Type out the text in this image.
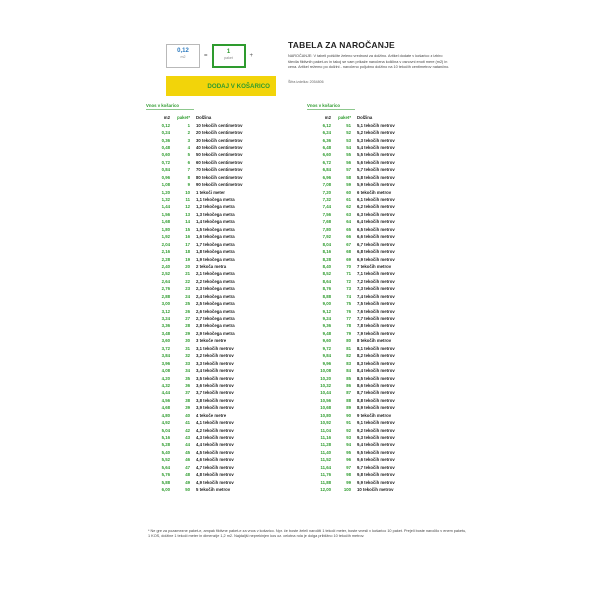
0,12
m2	=
1
paket	+
DODAJ V KOŠARICO
TABELA ZA NAROČANJE

NAROČANJE: V tabeli poiščite želeno vrednost za dolžino. Artikel dodate v košarico z izbiro števila fiktivnih paket-ov in takoj se vam prikaže naročena količina v osnovni enoti mere (m2) in cena. Artikel režemo po dolžini - naročeno poljubno dolžino na 10 tekočih centimetrov natančno.

Šifra izdelka: 2054806
Vnos v košarico
m2	paket*	Dolžina
0,12	1	10 tekočih centimetrov
0,24	2	20 tekočih centimetrov
0,36	3	30 tekočih centimetrov
0,48	4	40 tekočih centimetrov
0,60	5	50 tekočih centimetrov
0,72	6	60 tekočih centimetrov
0,84	7	70 tekočih centimetrov
0,96	8	80 tekočih centimetrov
1,08	9	90 tekočih centimetrov
1,20	10	1 tekoči meter
1,32	11	1,1 tekočega metra
1,44	12	1,2 tekočega metra
1,56	13	1,3 tekočega metra
1,68	14	1,4 tekočega metra
1,80	15	1,5 tekočega metra
1,92	16	1,6 tekočega metra
2,04	17	1,7 tekočega metra
2,16	18	1,8 tekočega metra
2,28	19	1,9 tekočega metra
2,40	20	2 tekoča metra
2,52	21	2,1 tekočega metra
2,64	22	2,2 tekočega metra
2,76	23	2,3 tekočega metra
2,88	24	2,4 tekočega metra
3,00	25	2,5 tekočega metra
3,12	26	2,6 tekočega metra
3,24	27	2,7 tekočega metra
3,36	28	2,8 tekočega metra
3,48	29	2,9 tekočega metra
3,60	30	3 tekoče metre
3,72	31	3,1 tekočih metrov
3,84	32	3,2 tekočih metrov
3,96	33	3,3 tekočih metrov
4,08	34	3,4 tekočih metrov
4,20	35	3,5 tekočih metrov
4,32	36	3,6 tekočih metrov
4,44	37	3,7 tekočih metrov
4,56	38	3,8 tekočih metrov
4,68	39	3,9 tekočih metrov
4,80	40	4 tekoče metre
4,92	41	4,1 tekočih metrov
5,04	42	4,2 tekočih metrov
5,16	43	4,3 tekočih metrov
5,28	44	4,4 tekočih metrov
5,40	45	4,5 tekočih metrov
5,52	46	4,6 tekočih metrov
5,64	47	4,7 tekočih metrov
5,76	48	4,8 tekočih metrov
5,88	49	4,9 tekočih metrov
6,00	50	5 tekočih metrov
Vnos v košarico
m2	paket*	Dolžina
6,12	51	5,1 tekočih metrov
6,24	52	5,2 tekočih metrov
6,36	53	5,3 tekočih metrov
6,48	54	5,4 tekočih metrov
6,60	55	5,5 tekočih metrov
6,72	56	5,6 tekočih metrov
6,84	57	5,7 tekočih metrov
6,96	58	5,8 tekočih metrov
7,08	59	5,9 tekočih metrov
7,20	60	6 tekočih metrov
7,32	61	6,1 tekočih metrov
7,44	62	6,2 tekočih metrov
7,56	63	6,3 tekočih metrov
7,68	64	6,4 tekočih metrov
7,80	65	6,5 tekočih metrov
7,92	66	6,6 tekočih metrov
8,04	67	6,7 tekočih metrov
8,16	68	6,8 tekočih metrov
8,28	69	6,9 tekočih metrov
8,40	70	7 tekočih metrov
8,52	71	7,1 tekočih metrov
8,64	72	7,2 tekočih metrov
8,76	73	7,3 tekočih metrov
8,88	74	7,4 tekočih metrov
9,00	75	7,5 tekočih metrov
9,12	76	7,6 tekočih metrov
9,24	77	7,7 tekočih metrov
9,36	78	7,8 tekočih metrov
9,48	79	7,9 tekočih metrov
9,60	80	8 tekočih metrov
9,72	81	8,1 tekočih metrov
9,84	82	8,2 tekočih metrov
9,96	83	8,3 tekočih metrov
10,08	84	8,4 tekočih metrov
10,20	85	8,5 tekočih metrov
10,32	86	8,6 tekočih metrov
10,44	87	8,7 tekočih metrov
10,56	88	8,8 tekočih metrov
10,68	89	8,9 tekočih metrov
10,80	90	9 tekočih metrov
10,92	91	9,1 tekočih metrov
11,04	92	9,2 tekočih metrov
11,16	93	9,3 tekočih metrov
11,28	94	9,4 tekočih metrov
11,40	95	9,5 tekočih metrov
11,52	96	9,6 tekočih metrov
11,64	97	9,7 tekočih metrov
11,76	98	9,8 tekočih metrov
11,88	99	9,9 tekočih metrov
12,00	100	10 tekočih metrov
* Ne gre za pozamezne paket-e, ampak fiktivne paket-e za vnos v košarico. Npr. če boste želeli naročiti 1 tekoči meter, boste vnesli v košarico 10 paket. Prejeli boste naročilo v enem paketu, 1 KOS, dolžine 1 tekoči meter in dimenzije 1,2 m2. Najdaljši neprekinjen kos oz. celotna rola je dolga približno 10 tekočih metrov.
